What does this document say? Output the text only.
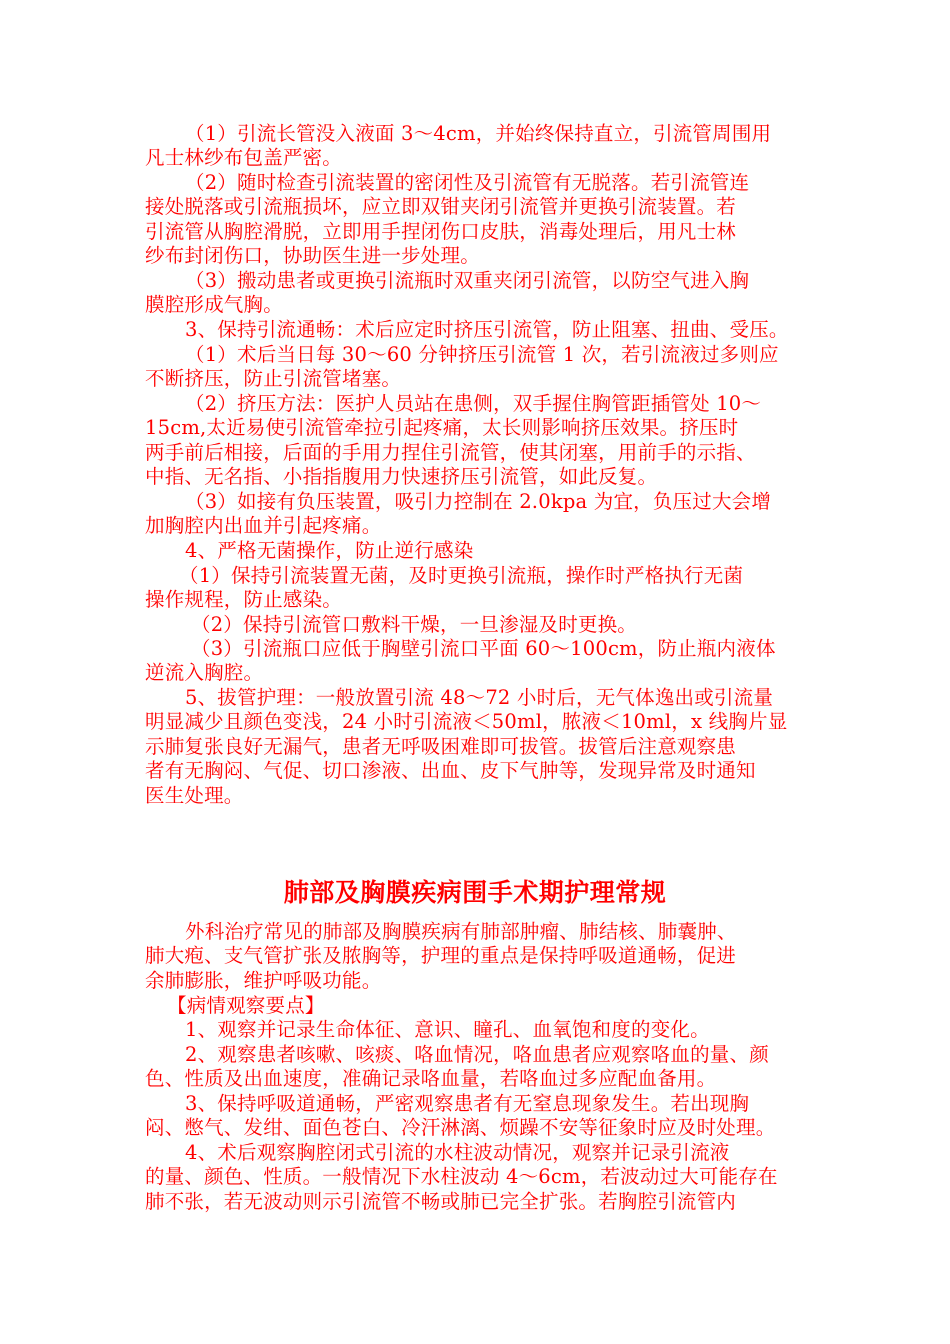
（1）引流长管没入液面 3～4cm，并始终保持直立，引流管周围用
凡士林纱布包盖严密。
（2）随时检查引流装置的密闭性及引流管有无脱落。若引流管连
接处脱落或引流瓶损坏，应立即双钳夹闭引流管并更换引流装置。若
引流管从胸腔滑脱，立即用手捏闭伤口皮肤，消毒处理后，用凡士林
纱布封闭伤口，协助医生进一步处理。
（3）搬动患者或更换引流瓶时双重夹闭引流管，以防空气进入胸
膜腔形成气胸。
3、保持引流通畅：术后应定时挤压引流管，防止阻塞、扭曲、受压。
（1）术后当日每 30～60 分钟挤压引流管 1 次，若引流液过多则应
不断挤压，防止引流管堵塞。
（2）挤压方法：医护人员站在患侧，双手握住胸管距插管处 10～
15cm,太近易使引流管牵拉引起疼痛，太长则影响挤压效果。挤压时
两手前后相接，后面的手用力捏住引流管，使其闭塞，用前手的示指、
中指、无名指、小指指腹用力快速挤压引流管，如此反复。
（3）如接有负压装置，吸引力控制在 2.0kpa 为宜，负压过大会增
加胸腔内出血并引起疼痛。
4、严格无菌操作，防止逆行感染
（1）保持引流装置无菌，及时更换引流瓶，操作时严格执行无菌
操作规程，防止感染。
（2）保持引流管口敷料干燥，一旦渗湿及时更换。
（3）引流瓶口应低于胸壁引流口平面 60～100cm，防止瓶内液体
逆流入胸腔。
5、拔管护理：一般放置引流 48～72 小时后，无气体逸出或引流量
明显减少且颜色变浅，24 小时引流液＜50ml，脓液＜10ml，x 线胸片显
示肺复张良好无漏气，患者无呼吸困难即可拔管。拔管后注意观察患
者有无胸闷、气促、切口渗液、出血、皮下气肿等，发现异常及时通知
医生处理。
肺部及胸膜疾病围手术期护理常规
外科治疗常见的肺部及胸膜疾病有肺部肿瘤、肺结核、肺囊肿、
肺大疱、支气管扩张及脓胸等，护理的重点是保持呼吸道通畅，促进
余肺膨胀，维护呼吸功能。
【病情观察要点】
1、观察并记录生命体征、意识、瞳孔、血氧饱和度的变化。
2、观察患者咳嗽、咳痰、咯血情况，咯血患者应观察咯血的量、颜
色、性质及出血速度，准确记录咯血量，若咯血过多应配血备用。
3、保持呼吸道通畅，严密观察患者有无窒息现象发生。若出现胸
闷、憋气、发绀、面色苍白、冷汗淋漓、烦躁不安等征象时应及时处理。
4、术后观察胸腔闭式引流的水柱波动情况，观察并记录引流液
的量、颜色、性质。一般情况下水柱波动 4～6cm，若波动过大可能存在
肺不张，若无波动则示引流管不畅或肺已完全扩张。若胸腔引流管内
